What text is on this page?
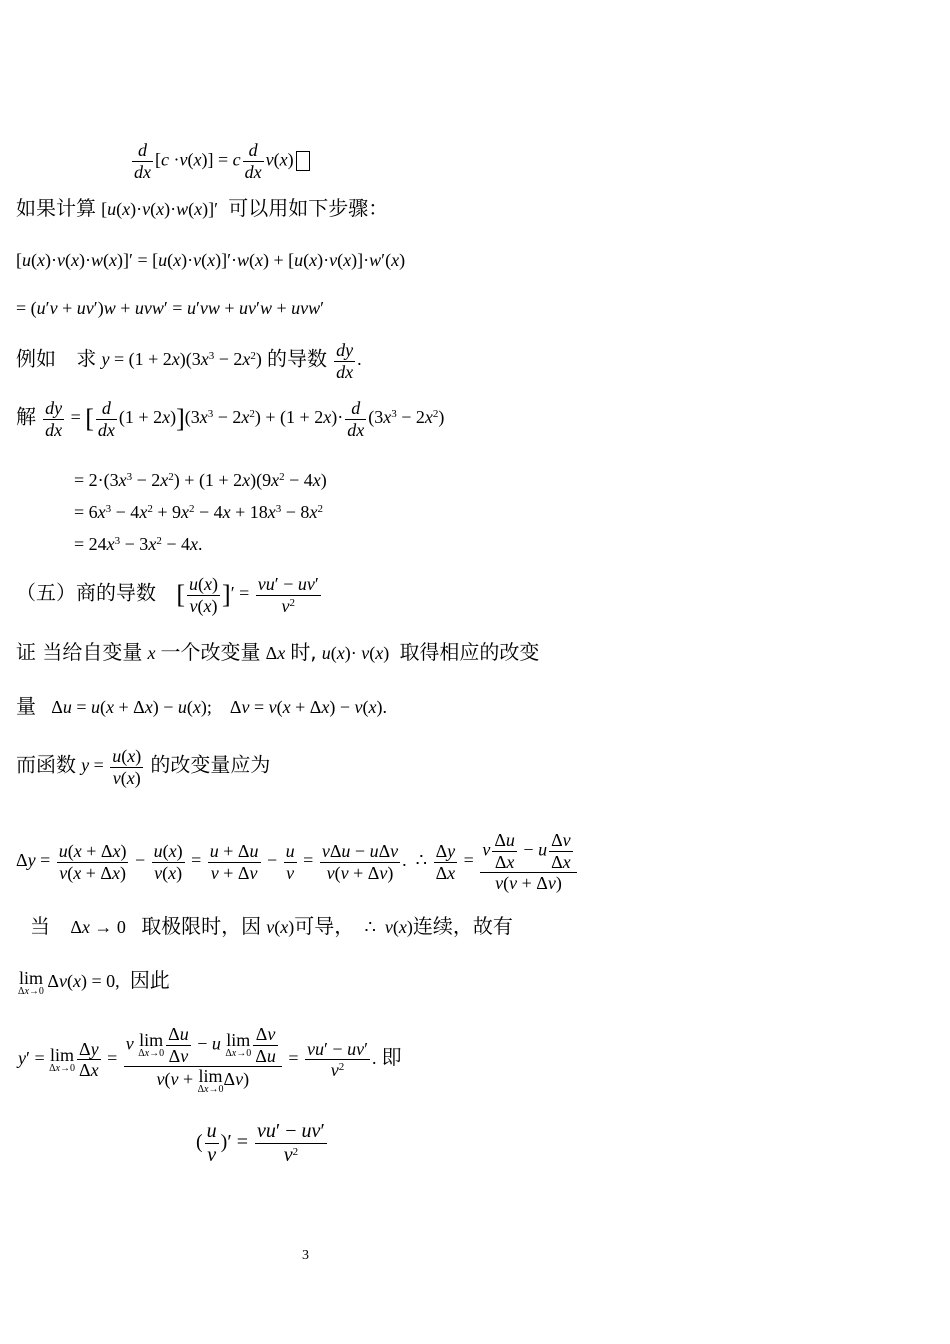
$\frac{d}{dx} [c \cdot v(x)] = c \frac{d}{dx} v(x)$
如果计算 [u(x)·v(x)·w(x)]′ 可以用如下步骤：
[u(x)·v(x)·w(x)]′ = [u(x)·v(x)]′·w(x) + [u(x)·v(x)]·w′(x)
= (u′v + uv′)w + uvw′ = u′vw + uv′w + uvw′
例如 求 $y = (1 + 2x)(3x^3 - 2x^2)$ 的导数 $\frac{dy}{dx}$ .
解 $\frac{dy}{dx}$ = [ $\frac{d}{dx} (1 + 2x)](3x^3 - 2x^2) + (1 + 2x)\cdot \frac{d}{dx} (3x^3 - 2x^2)$
= $2\cdot(3x^3 - 2x^2) + (1 + 2x)(9x^2 - 4x)$
= $6x^3 - 4x^2 + 9x^2 - 4x + 18x^3 - 8x^2$
= $24x^3 - 3x^2 - 4x$.
（五）商的导数 [ $\frac{u(x)}{v(x)}$ ]′ = $\frac{vu' - uv'}{v^2}$
证 当给自变量 x 一个改变量 Δx 时, u(x)· v(x) 取得相应的改变
量 Δu = u(x + Δx) − u(x);    Δv = v(x + Δx) − v(x).
而函数 $y = \frac{u(x)}{v(x)}$ 的改变量应为
$\Delta y = \frac{u(x + \Delta x)}{v(x + \Delta x)} - \frac{u(x)}{v(x)} = \frac{u + \Delta u}{v + \Delta v} - \frac{u}{v} = \frac{\text{vΔu − uΔv}}{v(v + \Delta v)}$ .  ∴ $\frac{\Delta y}{\Delta x} = \frac{v \frac{\Delta u}{\Delta x} - u \frac{\Delta v}{\Delta x}}{v(v + \Delta v)}$
当 Δx → 0 取极限时，因 v(x)可导， ∴  v(x)连续，故有
lim
Δx→0
Δv(x) = 0, 因此
y′ = lim
$\Delta x\to 0 \frac{\Delta y}{\Delta x} = v$ lim
$\Delta x\to 0 \frac{\Delta u}{\Delta v} - u$ lim
$\Delta x\to 0 \frac{\Delta v}{\Delta u}$
v(v + lim
Δx→0
$\Delta v) = \frac{vu' - uv'}{v^2}$ . 即
( $\frac{u}{v}$ )′ = $\frac{vu' - uv'}{v^2}$
3
